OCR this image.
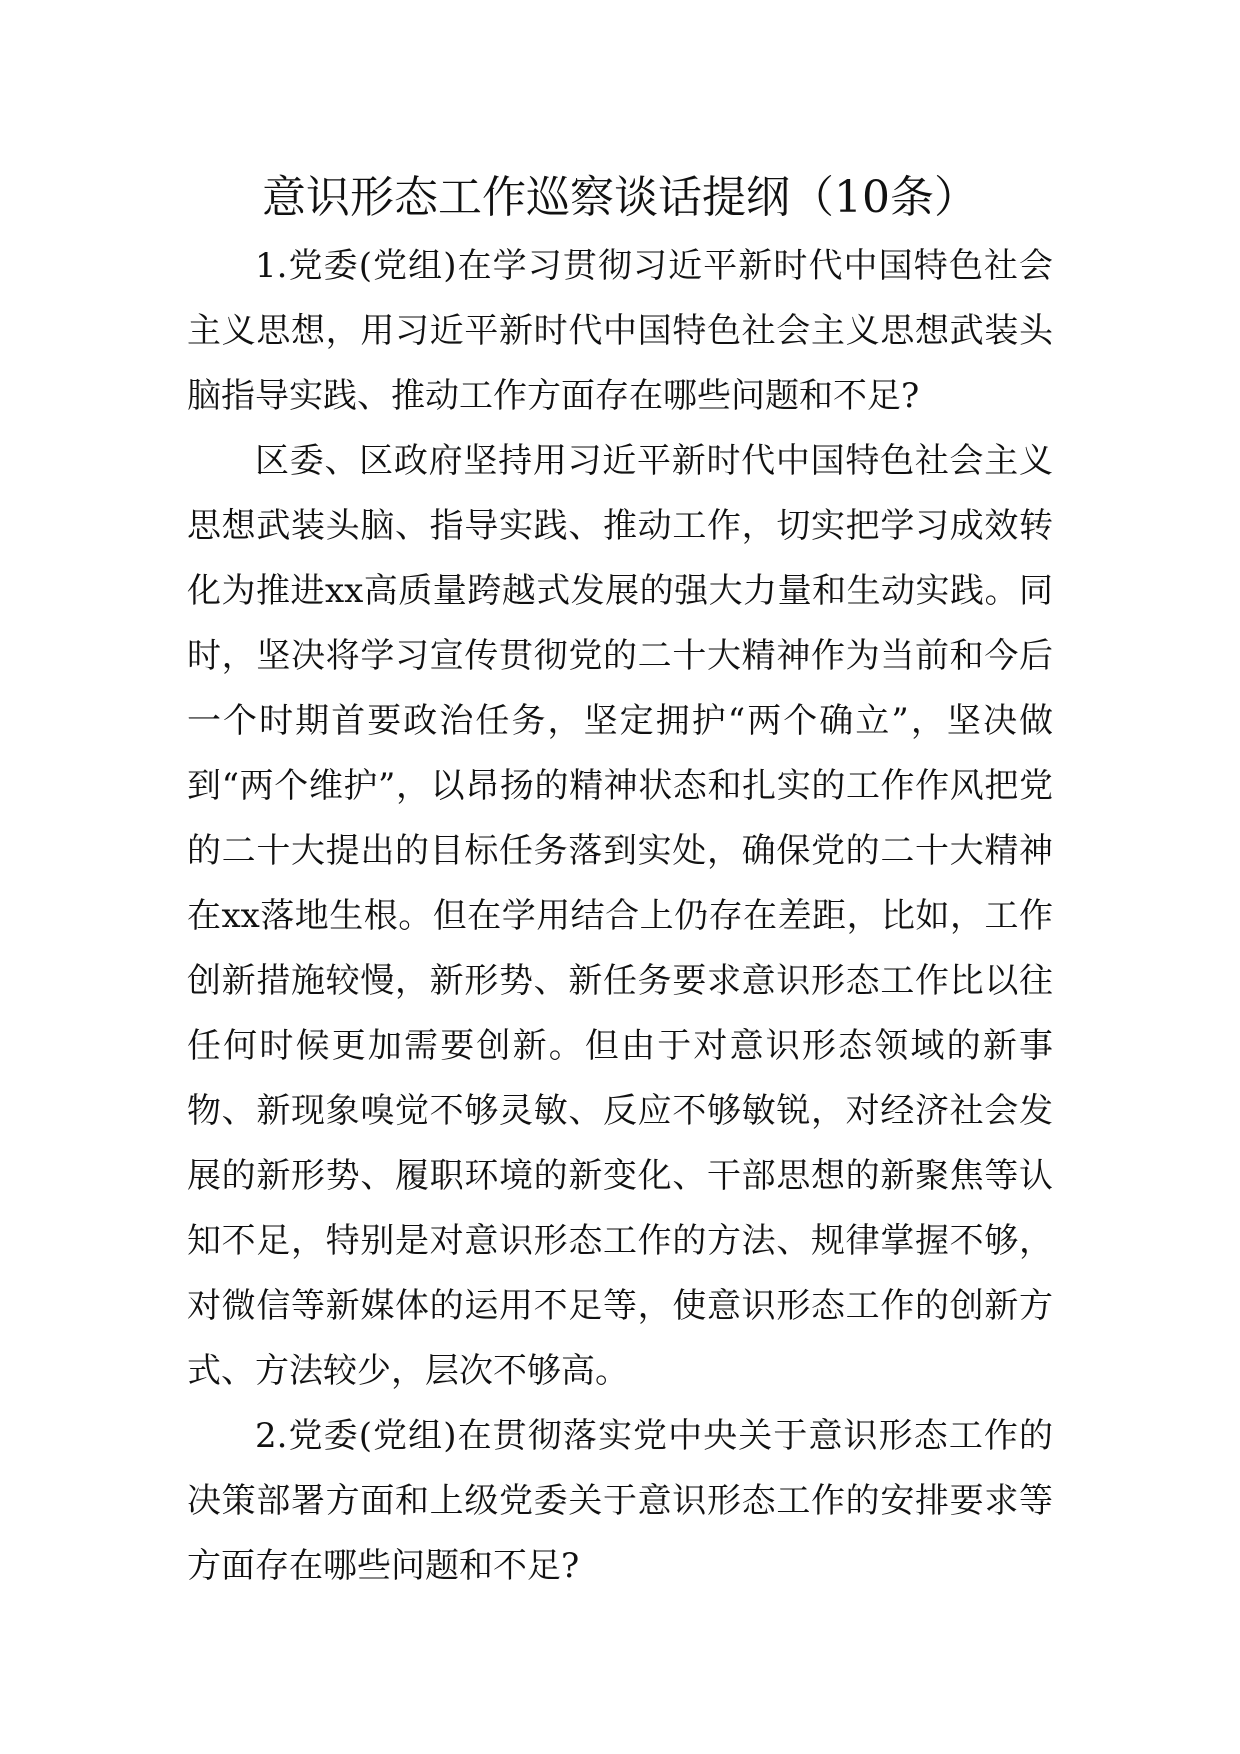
意识形态工作巡察谈话提纲（10条）

1.党委(党组)在学习贯彻习近平新时代中国特色社会主义思想，用习近平新时代中国特色社会主义思想武装头脑指导实践、推动工作方面存在哪些问题和不足?

区委、区政府坚持用习近平新时代中国特色社会主义思想武装头脑、指导实践、推动工作，切实把学习成效转化为推进xx高质量跨越式发展的强大力量和生动实践。同时，坚决将学习宣传贯彻党的二十大精神作为当前和今后一个时期首要政治任务，坚定拥护“两个确立”，坚决做到“两个维护”，以昂扬的精神状态和扎实的工作作风把党的二十大提出的目标任务落到实处，确保党的二十大精神在xx落地生根。但在学用结合上仍存在差距，比如，工作创新措施较慢，新形势、新任务要求意识形态工作比以往任何时候更加需要创新。但由于对意识形态领域的新事物、新现象嗅觉不够灵敏、反应不够敏锐，对经济社会发展的新形势、履职环境的新变化、干部思想的新聚焦等认知不足，特别是对意识形态工作的方法、规律掌握不够，对微信等新媒体的运用不足等，使意识形态工作的创新方式、方法较少，层次不够高。

2.党委(党组)在贯彻落实党中央关于意识形态工作的决策部署方面和上级党委关于意识形态工作的安排要求等方面存在哪些问题和不足?
